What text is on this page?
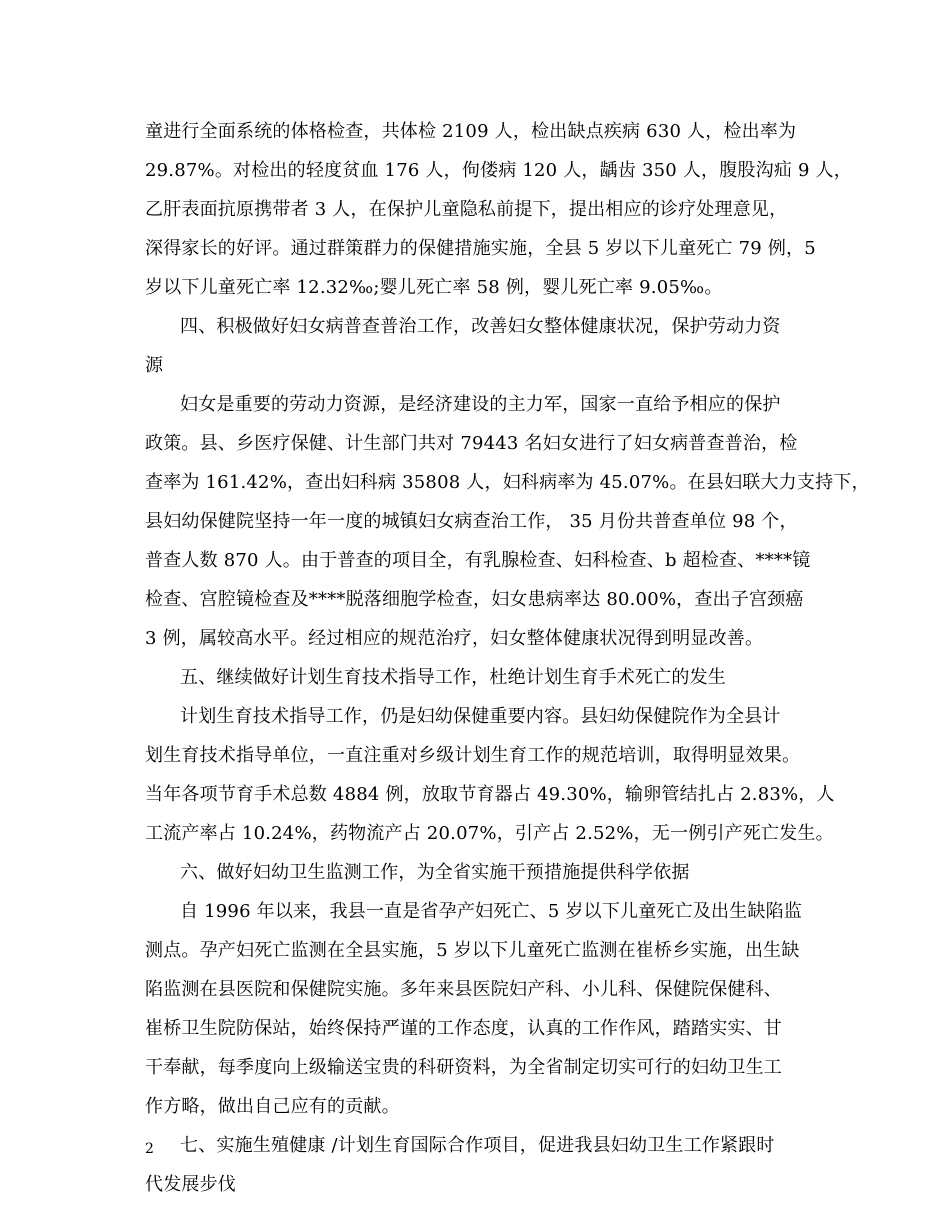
童进行全面系统的体格检查，共体检 2109 人，检出缺点疾病 630 人，检出率为
29.87%。对检出的轻度贫血 176 人，佝偻病 120 人，龋齿 350 人，腹股沟疝 9 人，
乙肝表面抗原携带者 3 人，在保护儿童隐私前提下，提出相应的诊疗处理意见，
深得家长的好评。通过群策群力的保健措施实施，全县 5 岁以下儿童死亡 79 例，5
岁以下儿童死亡率 12.32‰;婴儿死亡率 58 例，婴儿死亡率 9.05‰。
四、积极做好妇女病普查普治工作，改善妇女整体健康状况，保护劳动力资
源
妇女是重要的劳动力资源，是经济建设的主力军，国家一直给予相应的保护
政策。县、乡医疗保健、计生部门共对 79443 名妇女进行了妇女病普查普治，检
查率为 161.42%，查出妇科病 35808 人，妇科病率为 45.07%。在县妇联大力支持下，
县妇幼保健院坚持一年一度的城镇妇女病查治工作， 35 月份共普查单位 98 个，
普查人数 870 人。由于普查的项目全，有乳腺检查、妇科检查、b 超检查、****镜
检查、宫腔镜检查及****脱落细胞学检查，妇女患病率达 80.00%，查出子宫颈癌
3 例，属较高水平。经过相应的规范治疗，妇女整体健康状况得到明显改善。
五、继续做好计划生育技术指导工作，杜绝计划生育手术死亡的发生
计划生育技术指导工作，仍是妇幼保健重要内容。县妇幼保健院作为全县计
划生育技术指导单位，一直注重对乡级计划生育工作的规范培训，取得明显效果。
当年各项节育手术总数 4884 例，放取节育器占 49.30%，输卵管结扎占 2.83%，人
工流产率占 10.24%，药物流产占 20.07%，引产占 2.52%，无一例引产死亡发生。
六、做好妇幼卫生监测工作，为全省实施干预措施提供科学依据
自 1996 年以来，我县一直是省孕产妇死亡、5 岁以下儿童死亡及出生缺陷监
测点。孕产妇死亡监测在全县实施，5 岁以下儿童死亡监测在崔桥乡实施，出生缺
陷监测在县医院和保健院实施。多年来县医院妇产科、小儿科、保健院保健科、
崔桥卫生院防保站，始终保持严谨的工作态度，认真的工作作风，踏踏实实、甘
干奉献，每季度向上级输送宝贵的科研资料，为全省制定切实可行的妇幼卫生工
作方略，做出自己应有的贡献。
七、实施生殖健康 /计划生育国际合作项目，促进我县妇幼卫生工作紧跟时
代发展步伐
2
